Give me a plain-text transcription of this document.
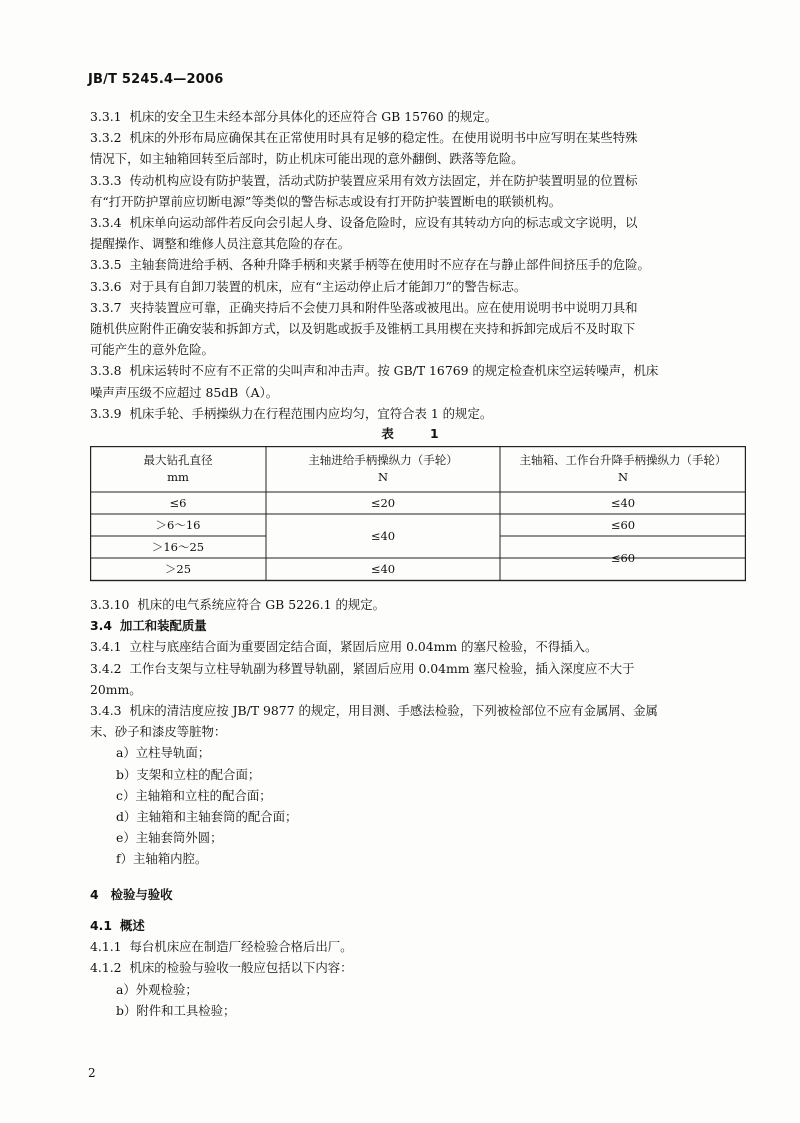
JB/T 5245.4—2006

3.3.1 机床的安全卫生未经本部分具体化的还应符合 GB 15760 的规定。

3.3.2 机床的外形布局应确保其在正常使用时具有足够的稳定性。在使用说明书中应写明在某些特殊

情况下，如主轴箱回转至后部时，防止机床可能出现的意外翻倒、跌落等危险。

3.3.3 传动机构应设有防护装置，活动式防护装置应采用有效方法固定，并在防护装置明显的位置标

有“打开防护罩前应切断电源”等类似的警告标志或设有打开防护装置断电的联锁机构。

3.3.4 机床单向运动部件若反向会引起人身、设备危险时，应设有其转动方向的标志或文字说明，以

提醒操作、调整和维修人员注意其危险的存在。

3.3.5 主轴套筒进给手柄、各种升降手柄和夹紧手柄等在使用时不应存在与静止部件间挤压手的危险。

3.3.6 对于具有自卸刀装置的机床，应有“主运动停止后才能卸刀”的警告标志。

3.3.7 夹持装置应可靠，正确夹持后不会使刀具和附件坠落或被甩出。应在使用说明书中说明刀具和

随机供应附件正确安装和拆卸方式，以及钥匙或扳手及锥柄工具用楔在夹持和拆卸完成后不及时取下

可能产生的意外危险。

3.3.8 机床运转时不应有不正常的尖叫声和冲击声。按 GB/T 16769 的规定检查机床空运转噪声，机床

噪声声压级不应超过 85dB（A）。

3.3.9 机床手轮、手柄操纵力在行程范围内应均匀，宜符合表 1 的规定。

表 1
最大钻孔直径
mm
主轴进给手柄操纵力（手轮）
N
主轴箱、工作台升降手柄操纵力（手轮）
N
≤6
＞6～16
＞16～25
＞25
≤20
≤40
≤40
≤40
≤60
≤60

3.3.10 机床的电气系统应符合 GB 5226.1 的规定。

3.4 加工和装配质量

3.4.1 立柱与底座结合面为重要固定结合面，紧固后应用 0.04mm 的塞尺检验，不得插入。

3.4.2 工作台支架与立柱导轨副为移置导轨副，紧固后应用 0.04mm 塞尺检验，插入深度应不大于

20mm。

3.4.3 机床的清洁度应按 JB/T 9877 的规定，用目测、手感法检验，下列被检部位不应有金属屑、金属

末、砂子和漆皮等脏物：

a）立柱导轨面；

b）支架和立柱的配合面；

c）主轴箱和立柱的配合面；

d）主轴箱和主轴套筒的配合面；

e）主轴套筒外圆；

f）主轴箱内腔。

4 检验与验收

4.1 概述

4.1.1 每台机床应在制造厂经检验合格后出厂。

4.1.2 机床的检验与验收一般应包括以下内容：

a）外观检验；

b）附件和工具检验；

2
